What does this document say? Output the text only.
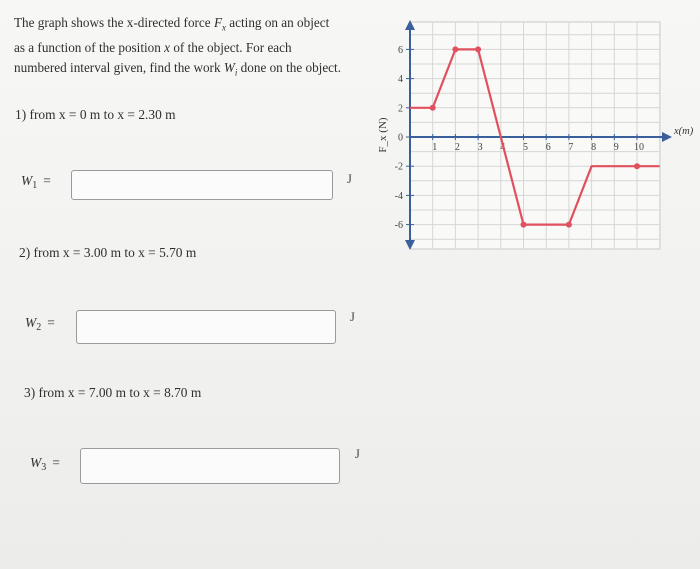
The graph shows the x-directed force $F_x$ acting on an object
as a function of the position x of the object. For each
numbered interval given, find the work $W_i$ done on the object.
1) from x = 0 m to x = 2.30 m
$W_1$ =	J
2) from x = 3.00 m to x = 5.70 m
$W_2$ =	J
3) from x = 7.00 m to x = 8.70 m
$W_3$ =
J
1 2 3 4 5 6 7 8 9 10
6
4
2
0
-2
-4
-6
x(m)
F_x (N)
